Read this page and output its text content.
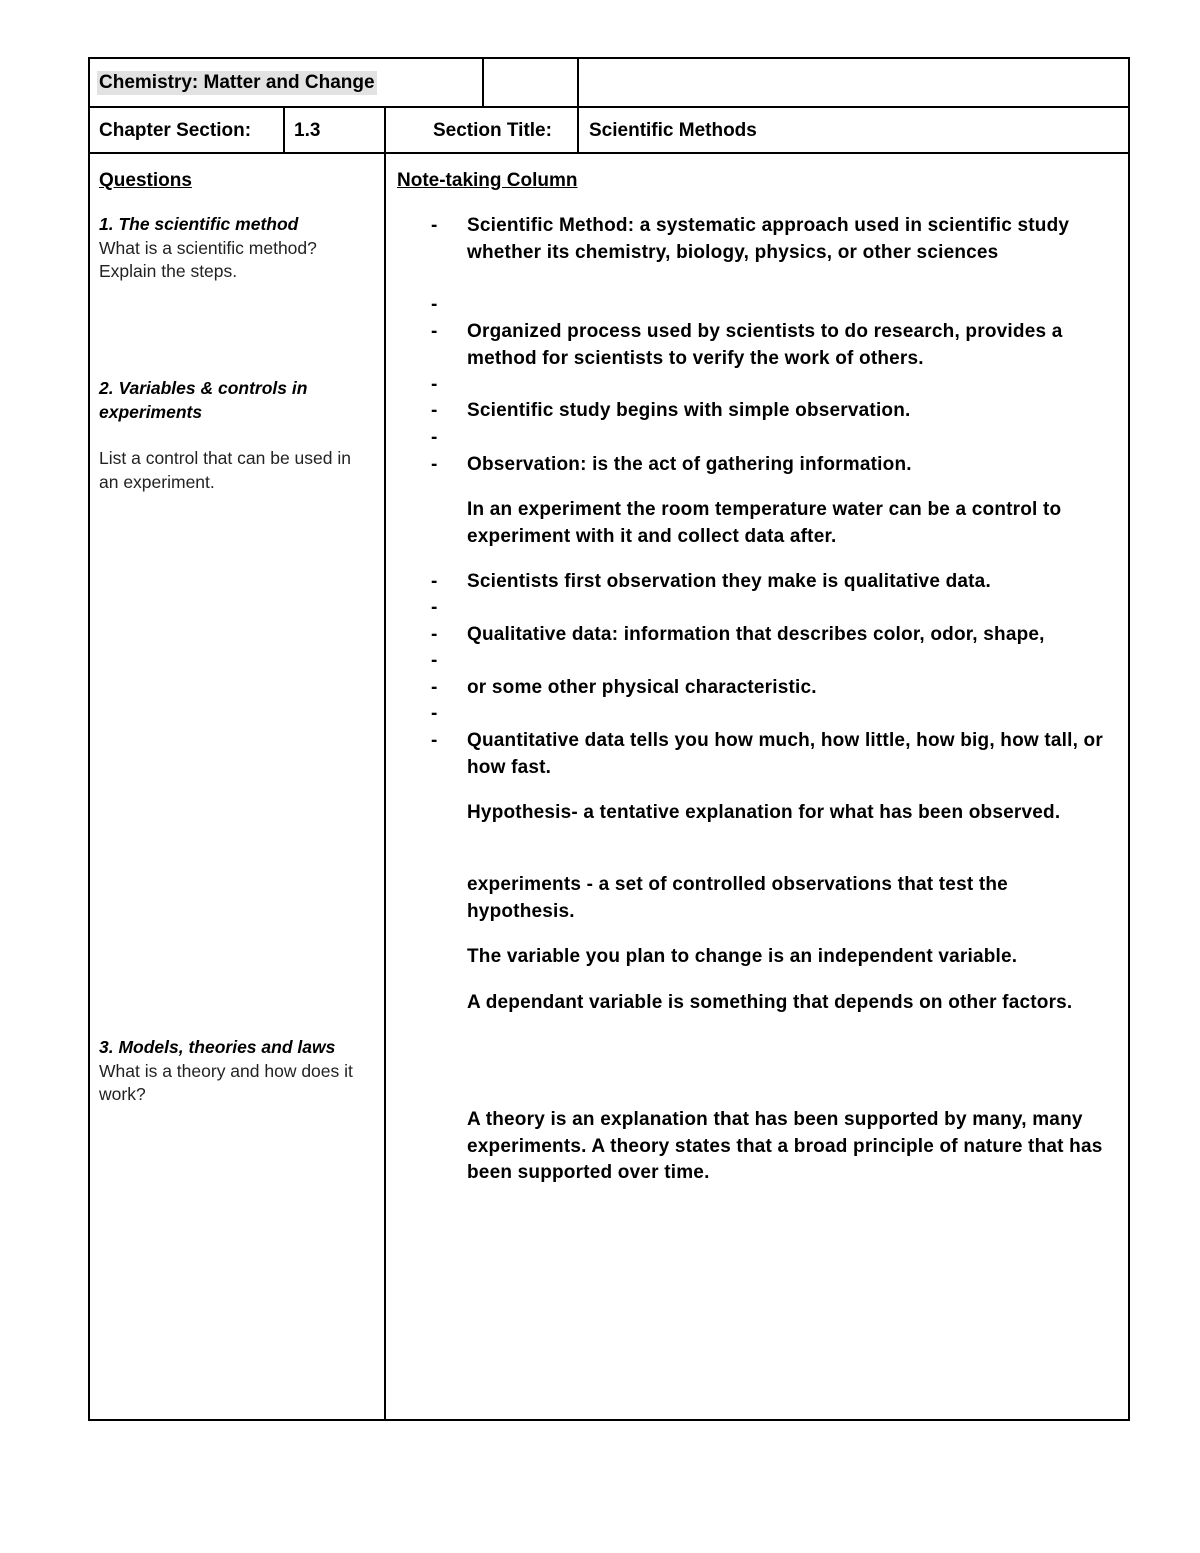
Chemistry: Matter and Change
Chapter Section: 1.3	Section Title: Scientific Methods
Questions
1. The scientific method
What is a scientific method? Explain the steps.
2. Variables & controls in experiments
List a control that can be used in an experiment.
3. Models, theories and laws
What is a theory and how does it work?
Note-taking Column
-
-
-
-
-
-
-
-
-
-
-
-
-
-
Scientific Method: a systematic approach used in scientific study whether its chemistry, biology, physics, or other sciences
Organized process used by scientists to do research, provides a method for scientists to verify the work of others.
Scientific study begins with simple observation.
Observation: is the act of gathering information.
In an experiment the room temperature water can be a control to experiment with it and collect data after.
Scientists first observation they make is qualitative data.
Qualitative data: information that describes color, odor, shape,
or some other physical characteristic.
Quantitative data tells you how much, how little, how big, how tall, or how fast.
Hypothesis- a tentative explanation for what has been observed.
experiments - a set of controlled observations that test the hypothesis.
The variable you plan to change is an independent variable.
A dependant variable is something that depends on other factors.
A theory is an explanation that has been supported by many, many experiments. A theory states that a broad principle of nature that has been supported over time.
